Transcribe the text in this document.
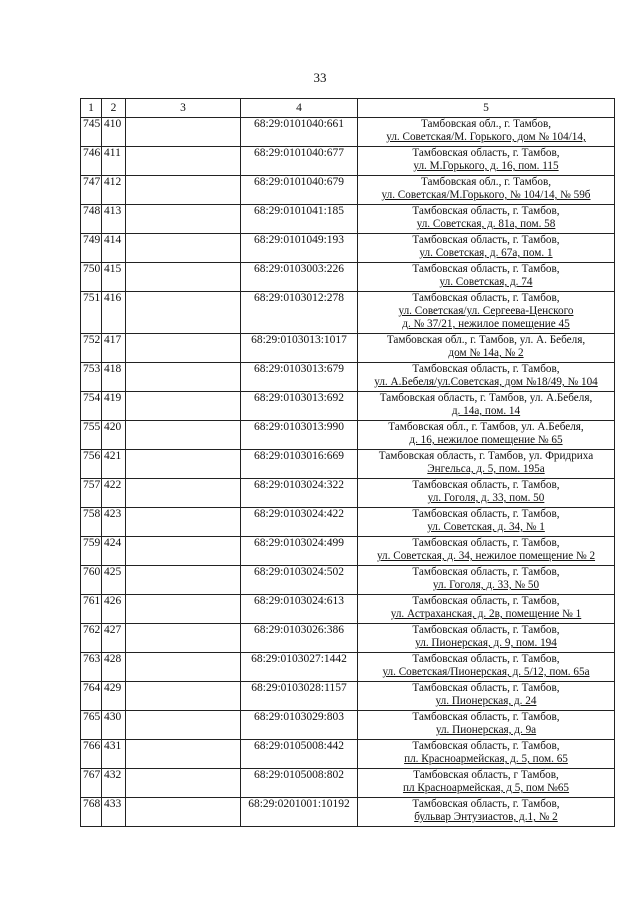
33
1	2	3	4	5
745	410		68:29:0101040:661	Тамбовская обл., г. Тамбов,
ул. Советская/М. Горького, дом № 104/14,

746	411		68:29:0101040:677	Тамбовская область, г. Тамбов,
ул. М.Горького, д. 16, пом. 115

747	412		68:29:0101040:679	Тамбовская обл., г. Тамбов,
ул. Советская/М.Горького, № 104/14, № 59б

748	413		68:29:0101041:185	Тамбовская область, г. Тамбов,
ул. Советская, д. 81а, пом. 58

749	414		68:29:0101049:193	Тамбовская область, г. Тамбов,
ул. Советская, д. 67а, пом. 1

750	415		68:29:0103003:226	Тамбовская область, г. Тамбов,
ул. Советская, д. 74

751	416		68:29:0103012:278	Тамбовская область, г. Тамбов,
ул. Советская/ул. Сергеева-Ценского
д. № 37/21, нежилое помещение 45

752	417		68:29:0103013:1017	Тамбовская обл., г. Тамбов, ул. А. Бебеля,
дом № 14а, № 2

753	418		68:29:0103013:679	Тамбовская область, г. Тамбов,
ул. А.Бебеля/ул.Советская, дом №18/49, № 104

754	419		68:29:0103013:692	Тамбовская область, г. Тамбов, ул. А.Бебеля,
д. 14а, пом. 14

755	420		68:29:0103013:990	Тамбовская обл., г. Тамбов, ул. А.Бебеля,
д. 16, нежилое помещение № 65

756	421		68:29:0103016:669	Тамбовская область, г. Тамбов, ул. Фридриха
Энгельса, д. 5, пом. 195а

757	422		68:29:0103024:322	Тамбовская область, г. Тамбов,
ул. Гоголя, д. 33, пом. 50

758	423		68:29:0103024:422	Тамбовская область, г. Тамбов,
ул. Советская, д. 34, № 1

759	424		68:29:0103024:499	Тамбовская область, г. Тамбов,
ул. Советская, д. 34, нежилое помещение № 2

760	425		68:29:0103024:502	Тамбовская область, г. Тамбов,
ул. Гоголя, д. 33, № 50

761	426		68:29:0103024:613	Тамбовская область, г. Тамбов,
ул. Астраханская, д. 2в, помещение № 1

762	427		68:29:0103026:386	Тамбовская область, г. Тамбов,
ул. Пионерская, д. 9, пом. 194

763	428		68:29:0103027:1442	Тамбовская область, г. Тамбов,
ул. Советская/Пионерская, д. 5/12, пом. 65а

764	429		68:29:0103028:1157	Тамбовская область, г. Тамбов,
ул. Пионерская, д. 24

765	430		68:29:0103029:803	Тамбовская область, г. Тамбов,
ул. Пионерская, д. 9а

766	431		68:29:0105008:442	Тамбовская область, г. Тамбов,
пл. Красноармейская, д. 5, пом. 65

767	432		68:29:0105008:802	Тамбовская область, г Тамбов,
пл Красноармейская, д 5, пом №65

768	433		68:29:0201001:10192	Тамбовская область, г. Тамбов,
бульвар Энтузиастов, д.1, № 2
